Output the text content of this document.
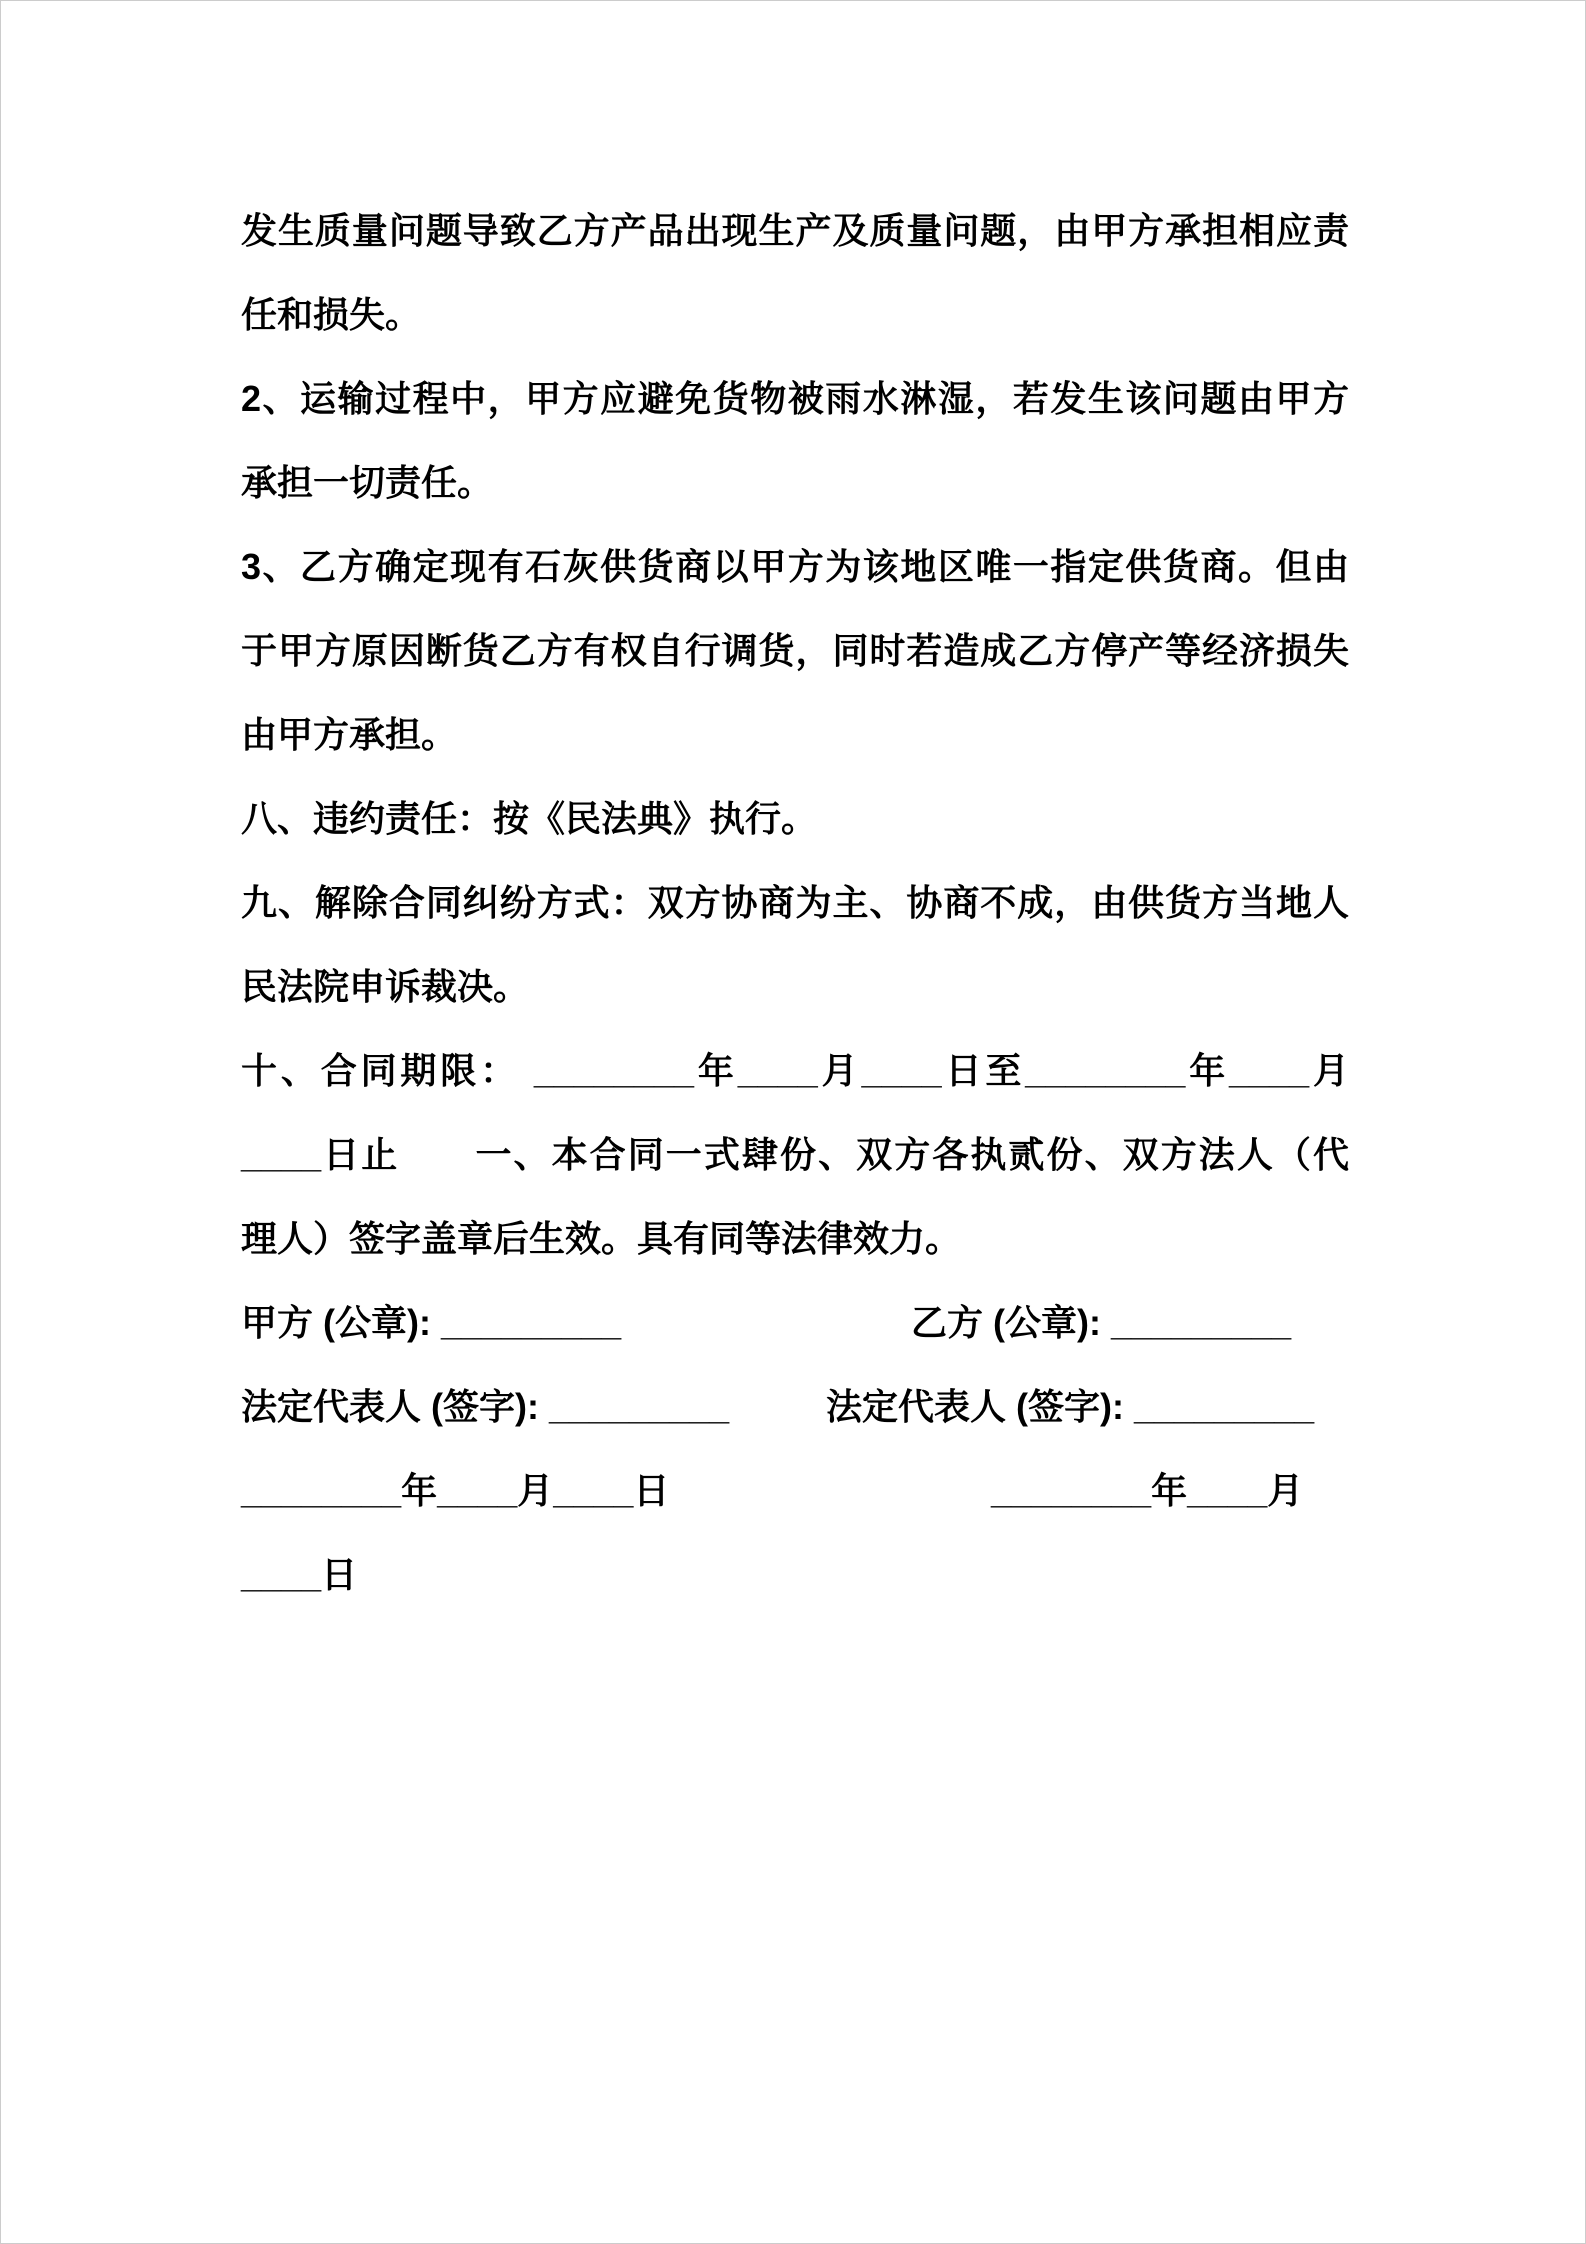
发生质量问题导致乙方产品出现生产及质量问题，由甲方承担相应责
任和损失。
2、运输过程中，甲方应避免货物被雨水淋湿，若发生该问题由甲方
承担一切责任。
3、乙方确定现有石灰供货商以甲方为该地区唯一指定供货商。但由
于甲方原因断货乙方有权自行调货，同时若造成乙方停产等经济损失
由甲方承担。
八、违约责任：按《民法典》执行。
九、解除合同纠纷方式：双方协商为主、协商不成，由供货方当地人
民法院申诉裁决。
十、合同期限： ________年____月____日至________年____月
____日止　　一、本合同一式肆份、双方各执贰份、双方法人（代
理人）签字盖章后生效。具有同等法律效力。
甲方 (公章): _________	乙方 (公章): _________
法定代表人 (签字): _________	法定代表人 (签字): _________
________年____月____日	________年____月
____日
